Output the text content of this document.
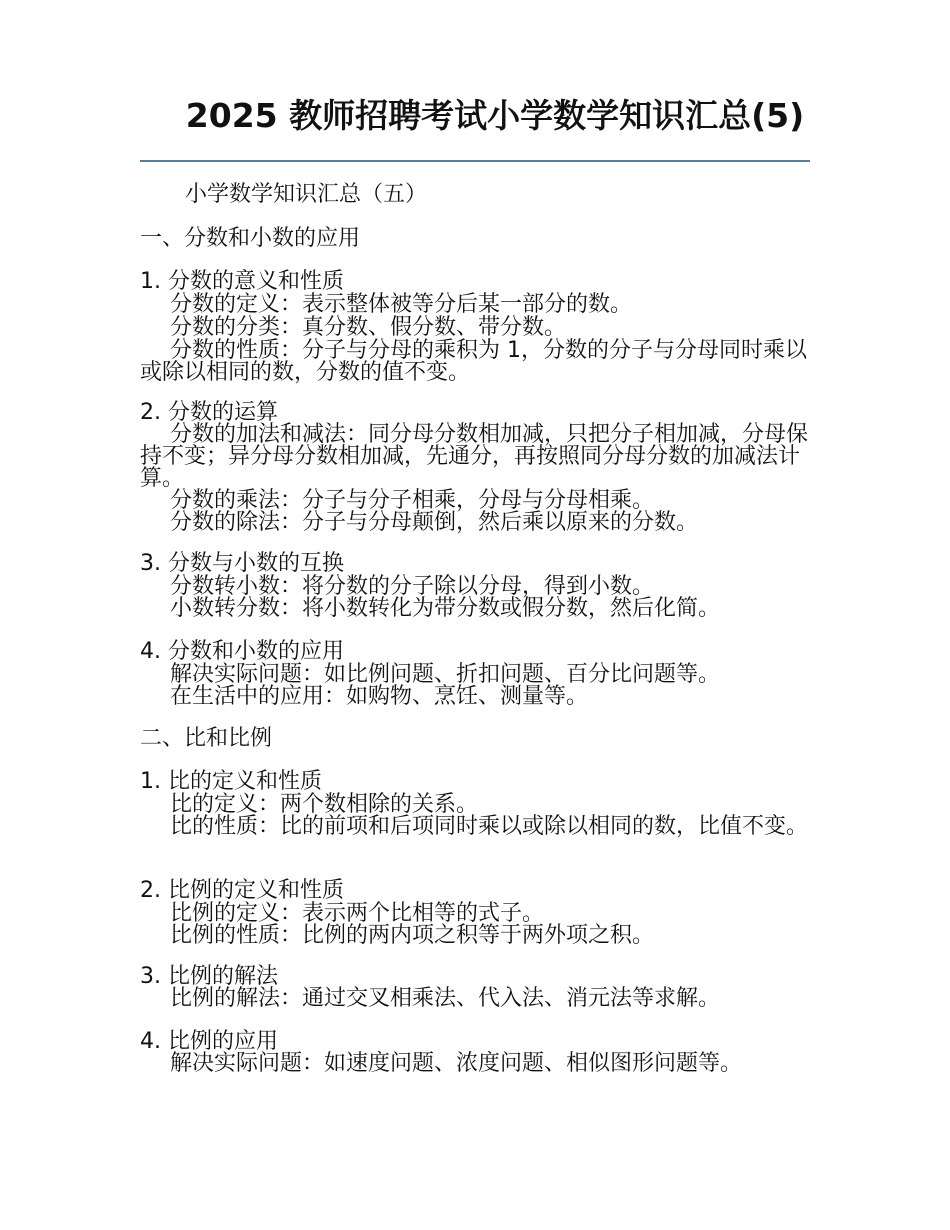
2025 教师招聘考试小学数学知识汇总(5)

小学数学知识汇总（五）

一、分数和小数的应用

1. 分数的意义和性质

分数的定义：表示整体被等分后某一部分的数。

分数的分类：真分数、假分数、带分数。

分数的性质：分子与分母的乘积为 1，分数的分子与分母同时乘以或除以相同的数，分数的值不变。

2. 分数的运算

分数的加法和减法：同分母分数相加减，只把分子相加减，分母保持不变；异分母分数相加减，先通分，再按照同分母分数的加减法计算。

分数的乘法：分子与分子相乘，分母与分母相乘。

分数的除法：分子与分母颠倒，然后乘以原来的分数。

3. 分数与小数的互换

分数转小数：将分数的分子除以分母，得到小数。

小数转分数：将小数转化为带分数或假分数，然后化简。

4. 分数和小数的应用

解决实际问题：如比例问题、折扣问题、百分比问题等。

在生活中的应用：如购物、烹饪、测量等。

二、比和比例

1. 比的定义和性质

比的定义：两个数相除的关系。

比的性质：比的前项和后项同时乘以或除以相同的数，比值不变。

2. 比例的定义和性质

比例的定义：表示两个比相等的式子。

比例的性质：比例的两内项之积等于两外项之积。

3. 比例的解法

比例的解法：通过交叉相乘法、代入法、消元法等求解。

4. 比例的应用

解决实际问题：如速度问题、浓度问题、相似图形问题等。
